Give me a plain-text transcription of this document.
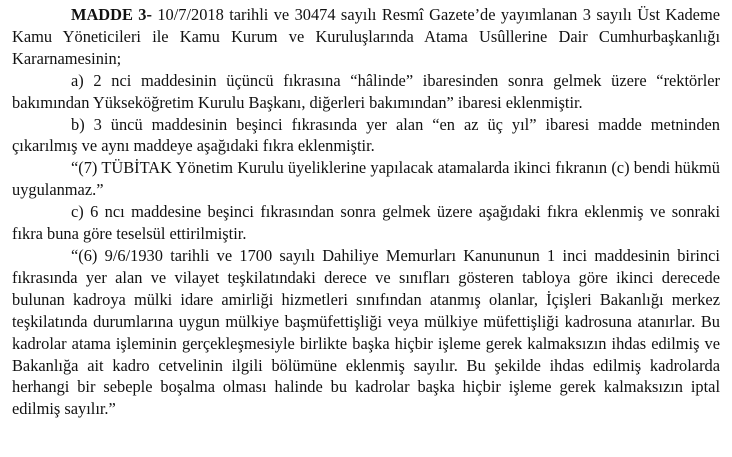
MADDE 3- 10/7/2018 tarihli ve 30474 sayılı Resmî Gazete’de yayımlanan 3 sayılı Üst Kademe Kamu Yöneticileri ile Kamu Kurum ve Kuruluşlarında Atama Usûllerine Dair Cumhurbaşkanlığı Kararnamesinin;

a) 2 nci maddesinin üçüncü fıkrasına “hâlinde” ibaresinden sonra gelmek üzere “rektörler bakımından Yükseköğretim Kurulu Başkanı, diğerleri bakımından” ibaresi eklenmiştir.

b) 3 üncü maddesinin beşinci fıkrasında yer alan “en az üç yıl” ibaresi madde metninden çıkarılmış ve aynı maddeye aşağıdaki fıkra eklenmiştir.

“(7) TÜBİTAK Yönetim Kurulu üyeliklerine yapılacak atamalarda ikinci fıkranın (c) bendi hükmü uygulanmaz.”

c) 6 ncı maddesine beşinci fıkrasından sonra gelmek üzere aşağıdaki fıkra eklenmiş ve sonraki fıkra buna göre teselsül ettirilmiştir.

“(6) 9/6/1930 tarihli ve 1700 sayılı Dahiliye Memurları Kanununun 1 inci maddesinin birinci fıkrasında yer alan ve vilayet teşkilatındaki derece ve sınıfları gösteren tabloya göre ikinci derecede bulunan kadroya mülki idare amirliği hizmetleri sınıfından atanmış olanlar, İçişleri Bakanlığı merkez teşkilatında durumlarına uygun mülkiye başmüfettişliği veya mülkiye müfettişliği kadrosuna atanırlar. Bu kadrolar atama işleminin gerçekleşmesiyle birlikte başka hiçbir işleme gerek kalmaksızın ihdas edilmiş ve Bakanlığa ait kadro cetvelinin ilgili bölümüne eklenmiş sayılır. Bu şekilde ihdas edilmiş kadrolarda herhangi bir sebeple boşalma olması halinde bu kadrolar başka hiçbir işleme gerek kalmaksızın iptal edilmiş sayılır.”
